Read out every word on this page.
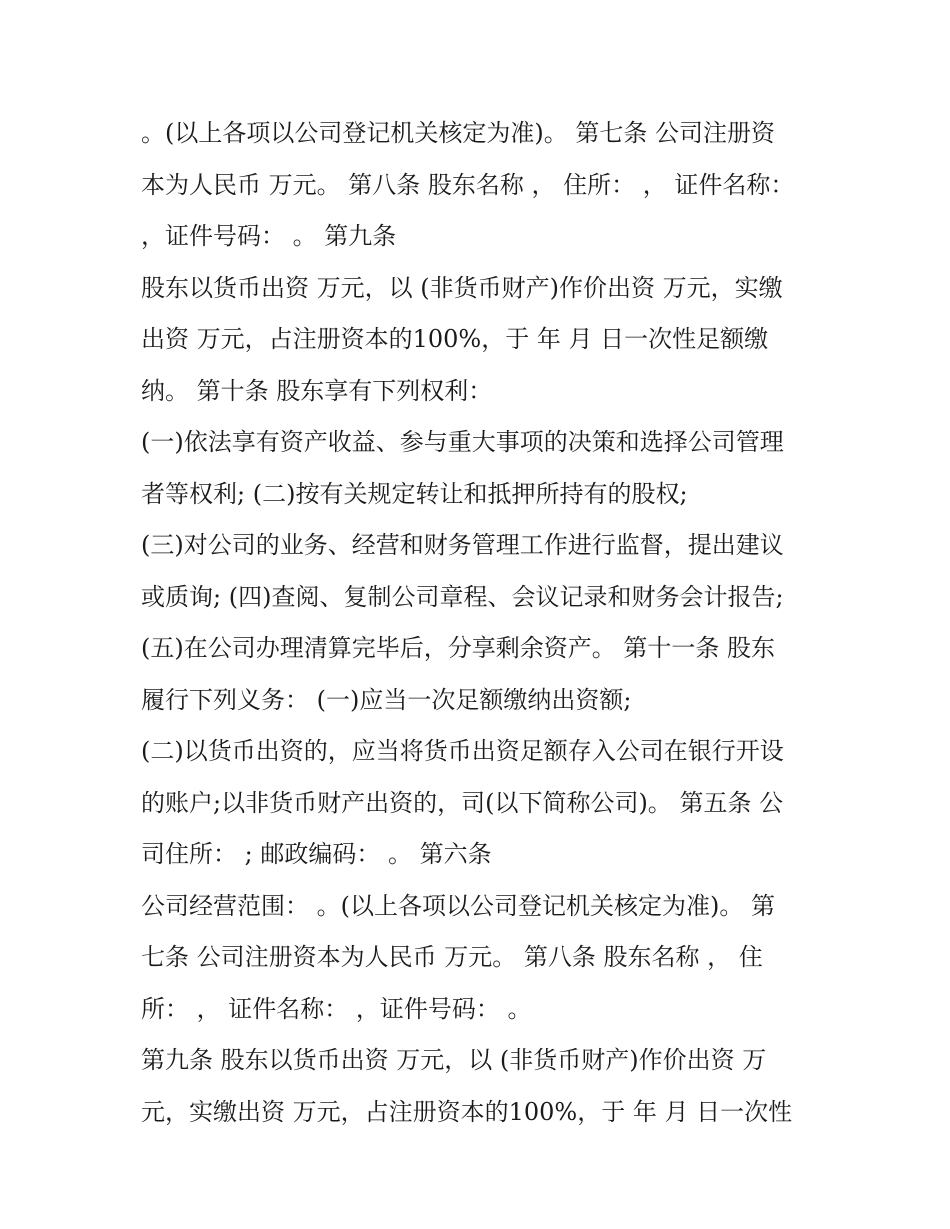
。(以上各项以公司登记机关核定为准)。 第七条 公司注册资
本为人民币 万元。 第八条 股东名称 ， 住所： ， 证件名称：
，证件号码： 。 第九条
股东以货币出资 万元，以 (非货币财产)作价出资 万元，实缴
出资 万元，占注册资本的100%，于 年 月 日一次性足额缴
纳。 第十条 股东享有下列权利：
(一)依法享有资产收益、参与重大事项的决策和选择公司管理
者等权利; (二)按有关规定转让和抵押所持有的股权;
(三)对公司的业务、经营和财务管理工作进行监督，提出建议
或质询; (四)查阅、复制公司章程、会议记录和财务会计报告;
(五)在公司办理清算完毕后，分享剩余资产。 第十一条 股东
履行下列义务： (一)应当一次足额缴纳出资额;
(二)以货币出资的，应当将货币出资足额存入公司在银行开设
的账户;以非货币财产出资的，司(以下简称公司)。 第五条 公
司住所： ; 邮政编码： 。 第六条
公司经营范围： 。(以上各项以公司登记机关核定为准)。 第
七条 公司注册资本为人民币 万元。 第八条 股东名称 ， 住
所： ， 证件名称： ，证件号码： 。
第九条 股东以货币出资 万元，以 (非货币财产)作价出资 万
元，实缴出资 万元，占注册资本的100%，于 年 月 日一次性
